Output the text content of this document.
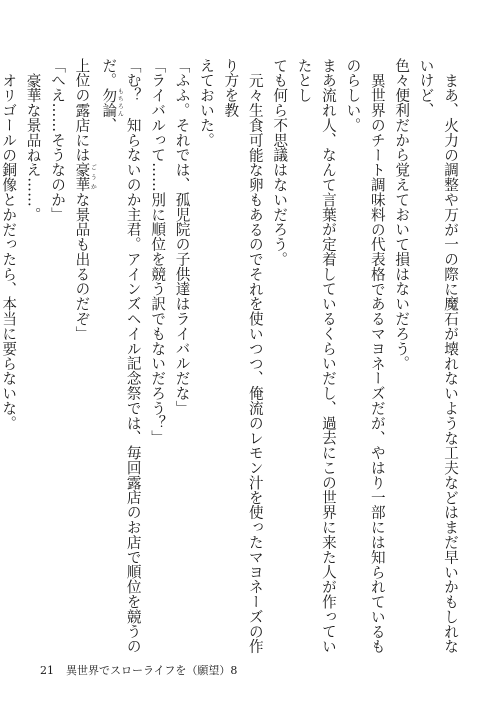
まあ、火力の調整や万が一の際に魔石が壊れないような工夫などはまだ早いかもしれないけど、

色々便利だから覚えておいて損はないだろう。

異世界のチート調味料の代表格であるマヨネーズだが、やはり一部には知られているものらしい。

まあ流れ人、なんて言葉が定着しているくらいだし、過去にこの世界に来た人が作っていたとし

ても何ら不思議はないだろう。

元々生食可能な卵もあるのでそれを使いつつ、俺流のレモン汁を使ったマヨネーズの作り方を教

えておいた。

「ふふ。それでは、孤児院の子供達はライバルだな」

「ライバルって……別に順位を競う訳でもないだろう？」

「む？　知らないのか主君。アインズヘイル記念祭では、毎回露店のお店で順位を競うのだ。勿論 もちろん、

上位の露店には豪華 ごうかな景品も出るのだぞ」

「へえ……そうなのか」

豪華な景品ねえ……。

オリゴールの銅像とかだったら、本当に要らないな。

21 異世界でスローライフを（願望）8
